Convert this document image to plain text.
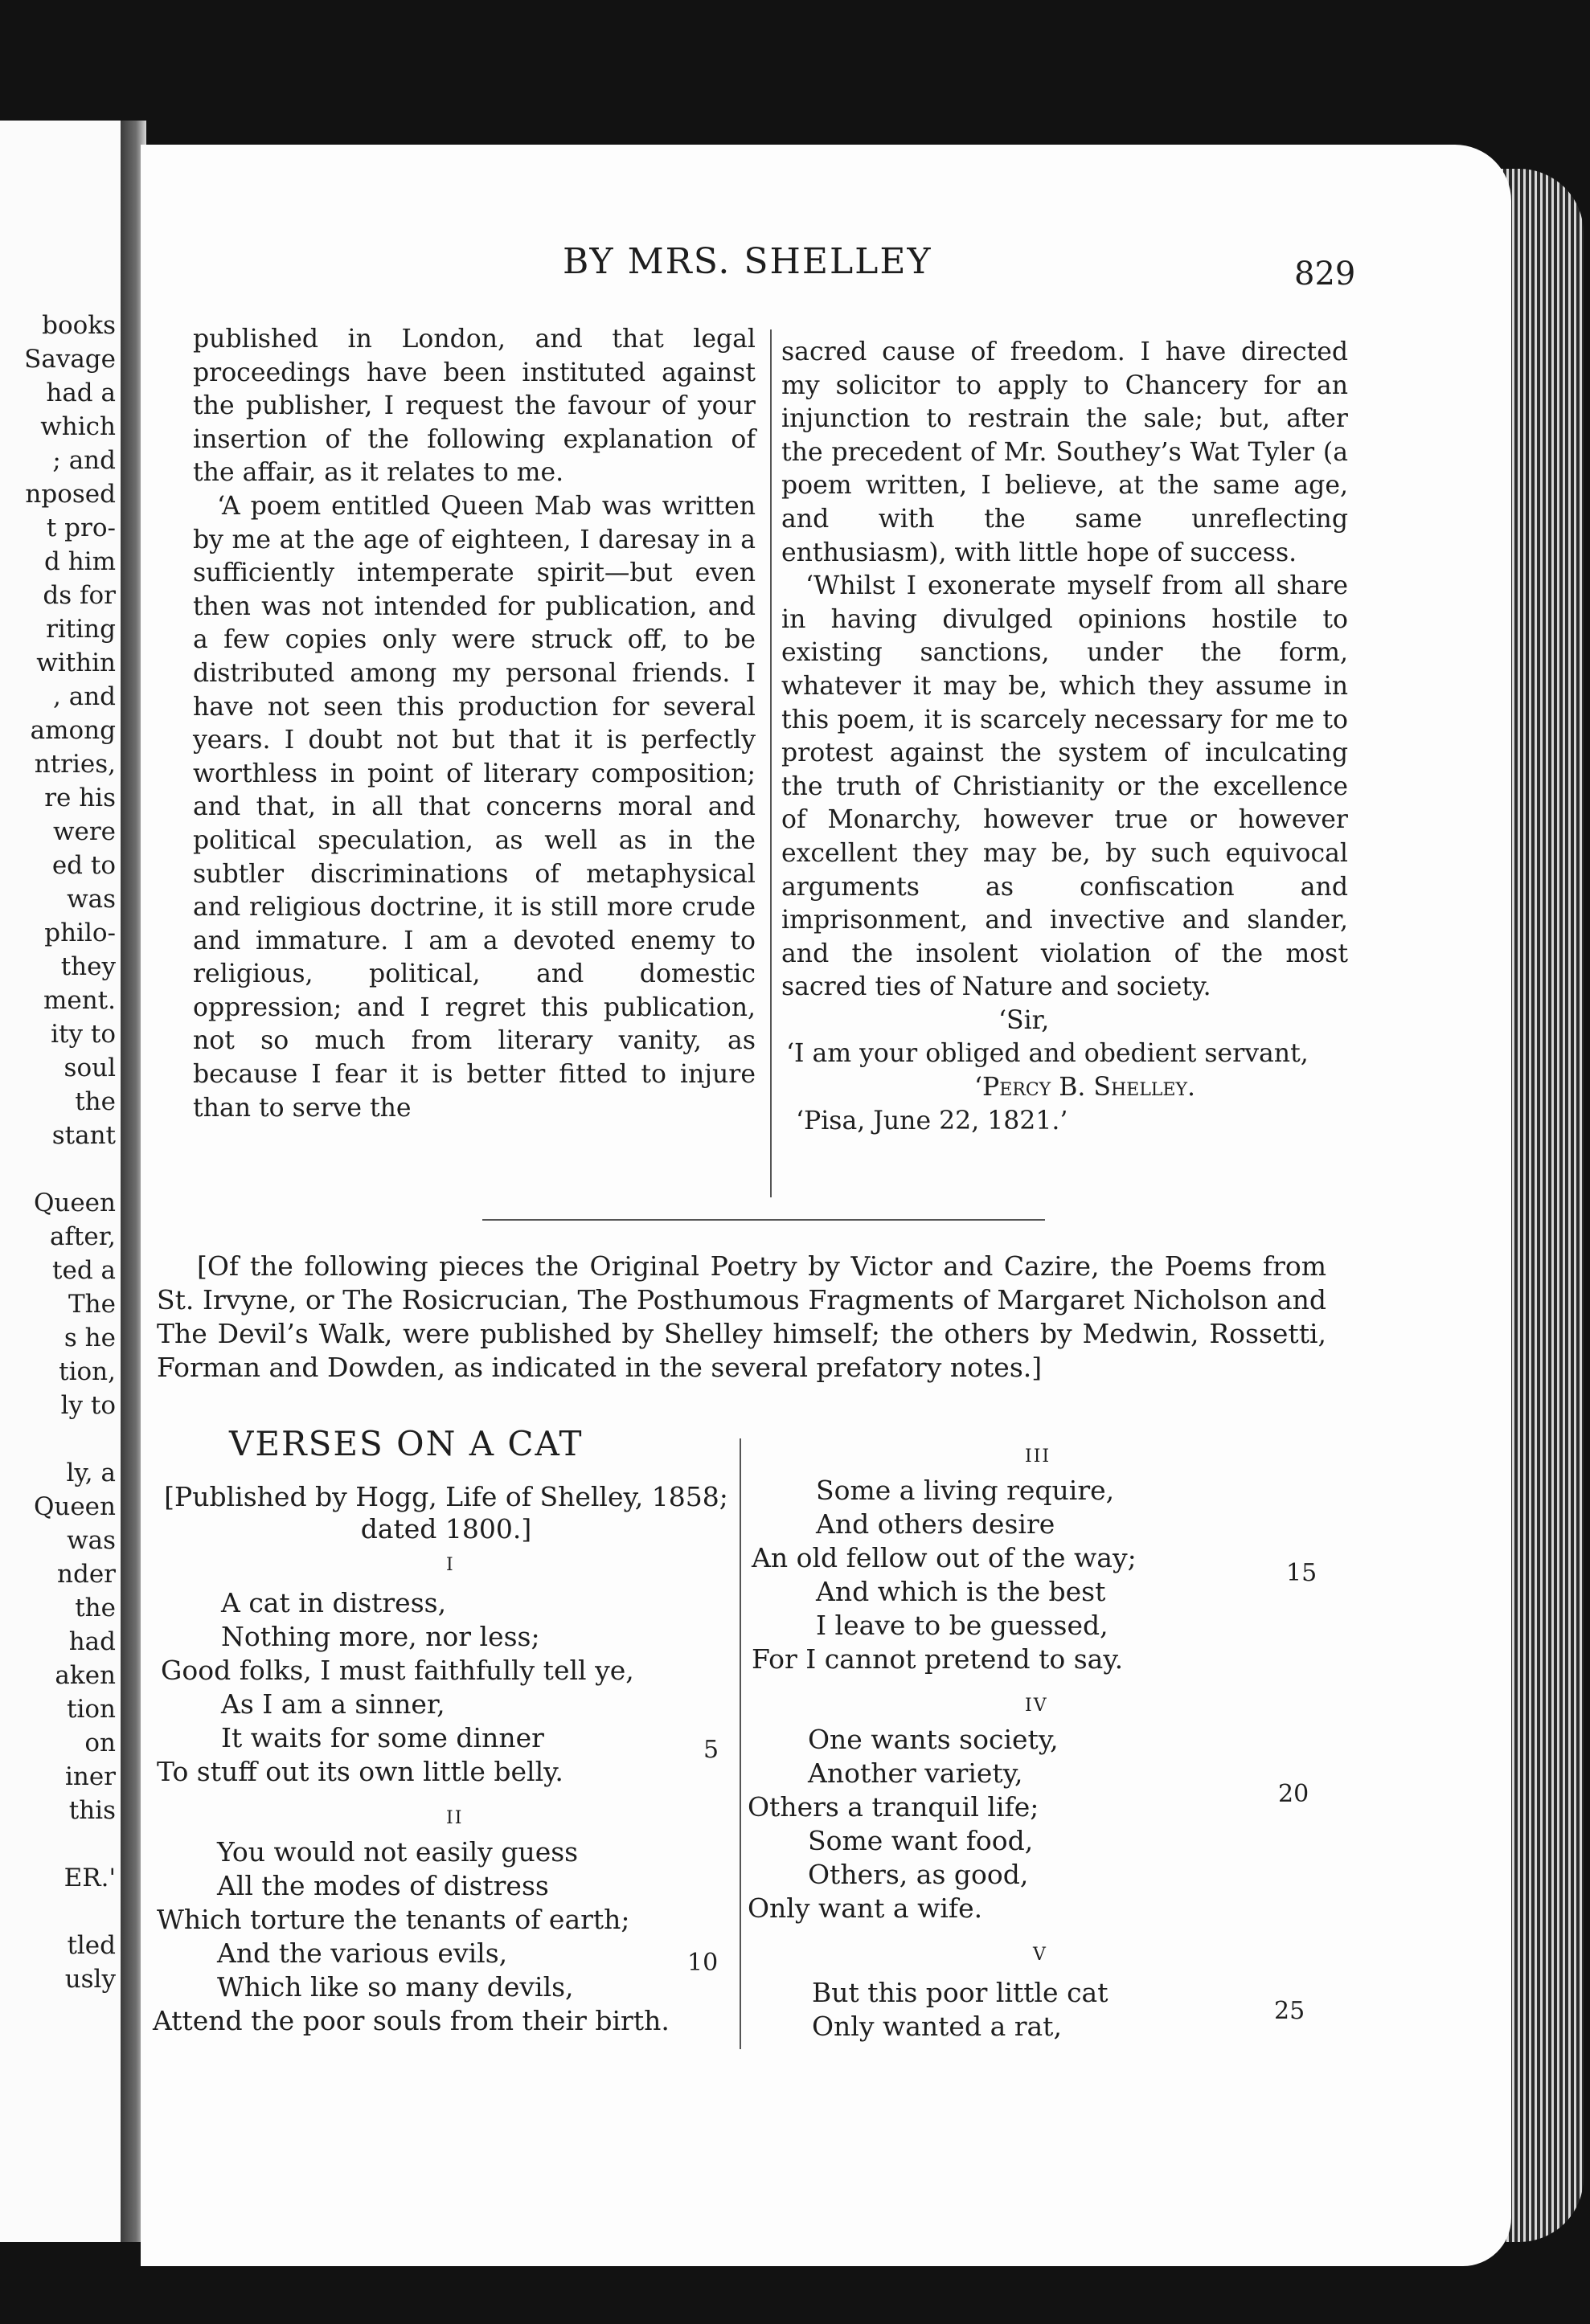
books
Savage
had a
which
; and
nposed
t pro-
d him
ds for
riting
within
, and
among
ntries,
re his
were
ed to
was
philo-
they
ment.
ity to
soul
the
stant
Queen
after,
ted a
The
s he
tion,
ly to
ly, a
Queen
was
nder
the
had
aken
tion
on
iner
this
ER.'
tled
usly
BY MRS. SHELLEY	829

published in London, and that legal proceedings have been instituted against the publisher, I request the favour of your insertion of the following explanation of the affair, as it relates to me.

‘A poem entitled Queen Mab was written by me at the age of eighteen, I daresay in a sufficiently intemperate spirit—but even then was not intended for publication, and a few copies only were struck off, to be distributed among my personal friends. I have not seen this production for several years. I doubt not but that it is perfectly worthless in point of literary composition; and that, in all that concerns moral and political speculation, as well as in the subtler discriminations of metaphysical and religious doctrine, it is still more crude and immature. I am a devoted enemy to religious, political, and domestic oppression; and I regret this publication, not so much from literary vanity, as because I fear it is better fitted to injure than to serve the

sacred cause of freedom. I have directed my solicitor to apply to Chancery for an injunction to restrain the sale; but, after the precedent of Mr. Southey’s Wat Tyler (a poem written, I believe, at the same age, and with the same unreflecting enthusiasm), with little hope of success.

‘Whilst I exonerate myself from all share in having divulged opinions hostile to existing sanctions, under the form, whatever it may be, which they assume in this poem, it is scarcely necessary for me to protest against the system of inculcating the truth of Christianity or the excellence of Monarchy, however true or however excellent they may be, by such equivocal arguments as confiscation and imprisonment, and invective and slander, and the insolent violation of the most sacred ties of Nature and society.

‘Sir,

‘I am your obliged and obedient servant,

‘Percy B. Shelley.

‘Pisa, June 22, 1821.’

[Of the following pieces the Original Poetry by Victor and Cazire, the Poems from St. Irvyne, or The Rosicrucian, The Posthumous Fragments of Margaret Nicholson and The Devil’s Walk, were published by Shelley himself; the others by Medwin, Rossetti, Forman and Dowden, as indicated in the several prefatory notes.]
VERSES ON A CAT
[Published by Hogg, Life of Shelley, 1858; dated 1800.]
I
A cat in distress,
Nothing more, nor less;
Good folks, I must faithfully tell ye,
As I am a sinner,
It waits for some dinner
To stuff out its own little belly.
II
You would not easily guess
All the modes of distress
Which torture the tenants of earth;
And the various evils,
Which like so many devils,
Attend the poor souls from their birth.
III
Some a living require,
And others desire
An old fellow out of the way;
And which is the best
I leave to be guessed,
For I cannot pretend to say.
IV
One wants society,
Another variety,
Others a tranquil life;
Some want food,
Others, as good,
Only want a wife.
V
But this poor little cat
Only wanted a rat,
5
10
15
20
25
